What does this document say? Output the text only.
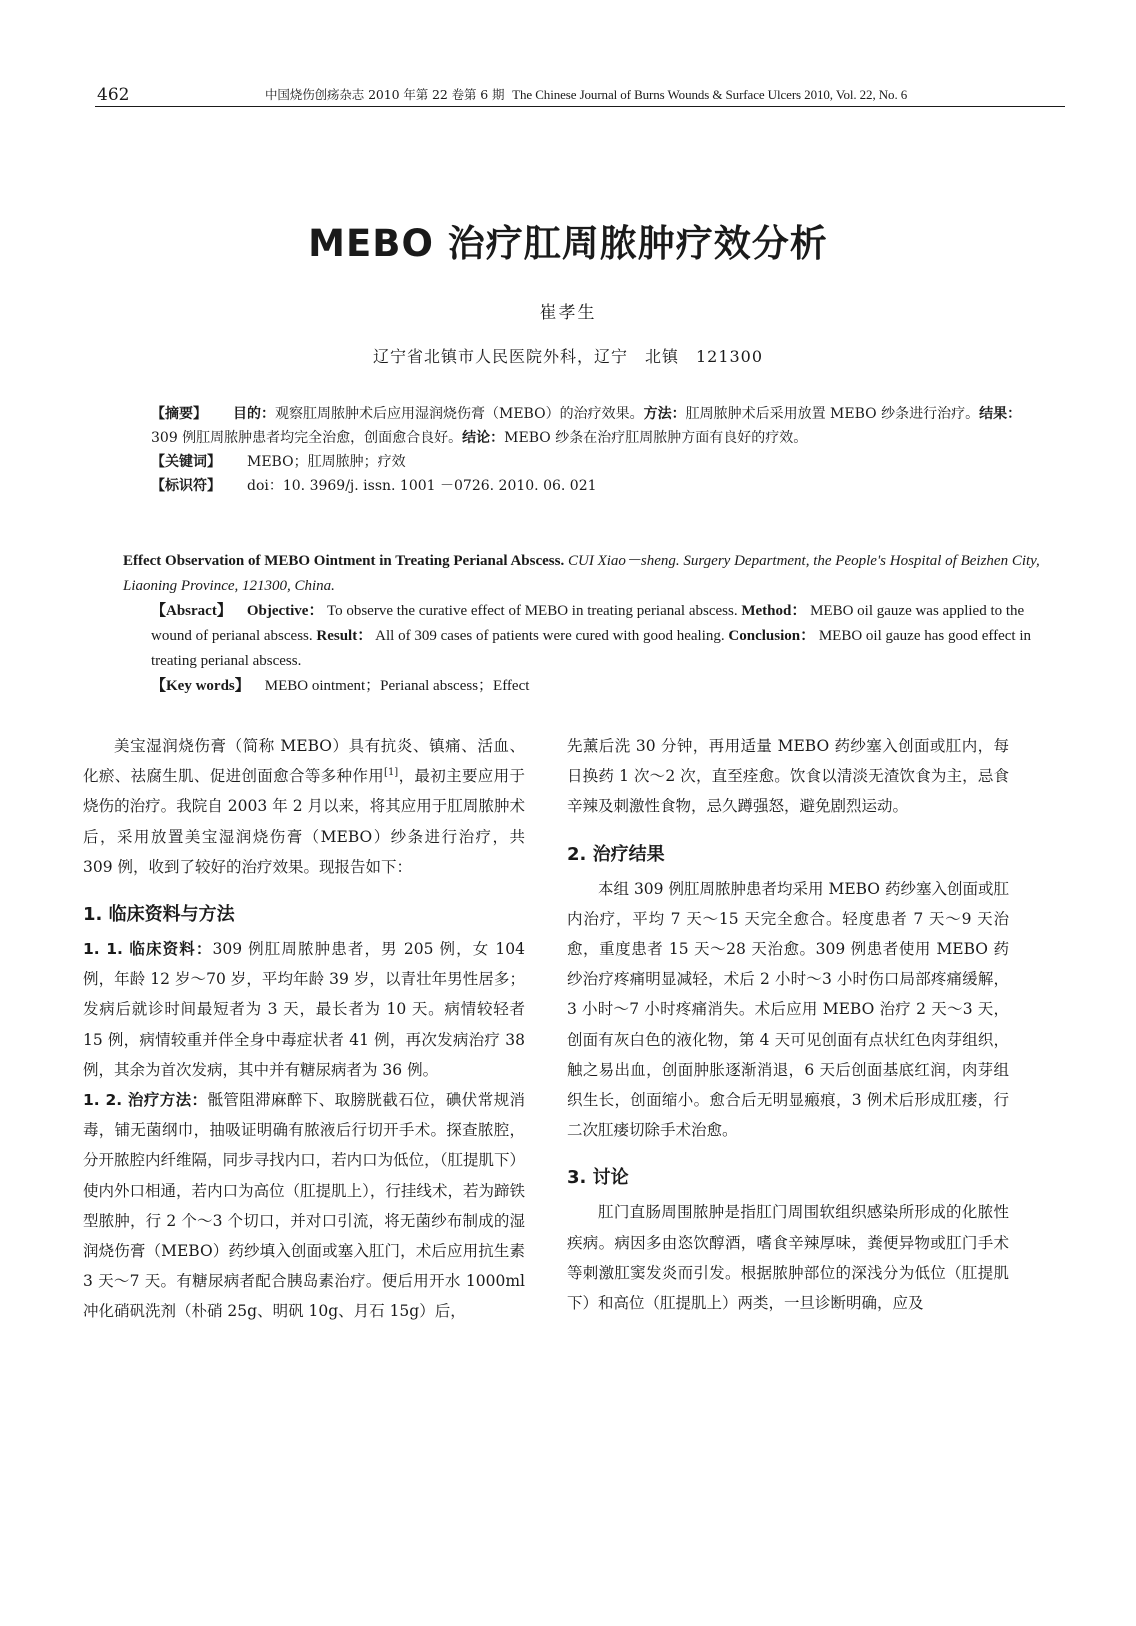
462	中国烧伤创疡杂志 2010 年第 22 卷第 6 期 The Chinese Journal of Burns Wounds & Surface Ulcers 2010, Vol. 22, No. 6
MEBO 治疗肛周脓肿疗效分析
崔孝生
辽宁省北镇市人民医院外科，辽宁　北镇　121300

【摘要】 目的：观察肛周脓肿术后应用湿润烧伤膏（MEBO）的治疗效果。方法：肛周脓肿术后采用放置 MEBO 纱条进行治疗。结果：309 例肛周脓肿患者均完全治愈，创面愈合良好。结论：MEBO 纱条在治疗肛周脓肿方面有良好的疗效。

【关键词】 MEBO；肛周脓肿；疗效

【标识符】 doi：10. 3969/j. issn. 1001 －0726. 2010. 06. 021

Effect Observation of MEBO Ointment in Treating Perianal Abscess. CUI Xiao－sheng. Surgery Department, the People's Hospital of Beizhen City, Liaoning Province, 121300, China.

【Absract】 Objective： To observe the curative effect of MEBO in treating perianal abscess. Method： MEBO oil gauze was applied to the wound of perianal abscess. Result： All of 309 cases of patients were cured with good healing. Conclusion： MEBO oil gauze has good effect in treating perianal abscess.

【Key words】 MEBO ointment；Perianal abscess；Effect

美宝湿润烧伤膏（简称 MEBO）具有抗炎、镇痛、活血、化瘀、祛腐生肌、促进创面愈合等多种作用[1]，最初主要应用于烧伤的治疗。我院自 2003 年 2 月以来，将其应用于肛周脓肿术后，采用放置美宝湿润烧伤膏（MEBO）纱条进行治疗，共 309 例，收到了较好的治疗效果。现报告如下：

1. 临床资料与方法

1. 1. 临床资料：309 例肛周脓肿患者，男 205 例，女 104 例，年龄 12 岁～70 岁，平均年龄 39 岁，以青壮年男性居多；发病后就诊时间最短者为 3 天，最长者为 10 天。病情较轻者 15 例，病情较重并伴全身中毒症状者 41 例，再次发病治疗 38 例，其余为首次发病，其中并有糖尿病者为 36 例。

1. 2. 治疗方法：骶管阻滞麻醉下、取膀胱截石位，碘伏常规消毒，铺无菌纲巾，抽吸证明确有脓液后行切开手术。探查脓腔，分开脓腔内纤维隔，同步寻找内口，若内口为低位，（肛提肌下）使内外口相通，若内口为高位（肛提肌上），行挂线术，若为蹄铁型脓肿，行 2 个～3 个切口，并对口引流，将无菌纱布制成的湿润烧伤膏（MEBO）药纱填入创面或塞入肛门，术后应用抗生素 3 天～7 天。有糖尿病者配合胰岛素治疗。便后用开水 1000ml 冲化硝矾洗剂（朴硝 25g、明矾 10g、月石 15g）后，

先薰后洗 30 分钟，再用适量 MEBO 药纱塞入创面或肛内，每日换药 1 次～2 次，直至痊愈。饮食以清淡无渣饮食为主，忌食辛辣及刺激性食物，忌久蹲强怒，避免剧烈运动。

2. 治疗结果

本组 309 例肛周脓肿患者均采用 MEBO 药纱塞入创面或肛内治疗，平均 7 天～15 天完全愈合。轻度患者 7 天～9 天治愈，重度患者 15 天～28 天治愈。309 例患者使用 MEBO 药纱治疗疼痛明显减轻，术后 2 小时～3 小时伤口局部疼痛缓解，3 小时～7 小时疼痛消失。术后应用 MEBO 治疗 2 天～3 天，创面有灰白色的液化物，第 4 天可见创面有点状红色肉芽组织，触之易出血，创面肿胀逐渐消退，6 天后创面基底红润，肉芽组织生长，创面缩小。愈合后无明显瘢痕，3 例术后形成肛瘘，行二次肛瘘切除手术治愈。

3. 讨论

肛门直肠周围脓肿是指肛门周围软组织感染所形成的化脓性疾病。病因多由恣饮醇酒，嗜食辛辣厚味，粪便异物或肛门手术等刺激肛窦发炎而引发。根据脓肿部位的深浅分为低位（肛提肌下）和高位（肛提肌上）两类，一旦诊断明确，应及
